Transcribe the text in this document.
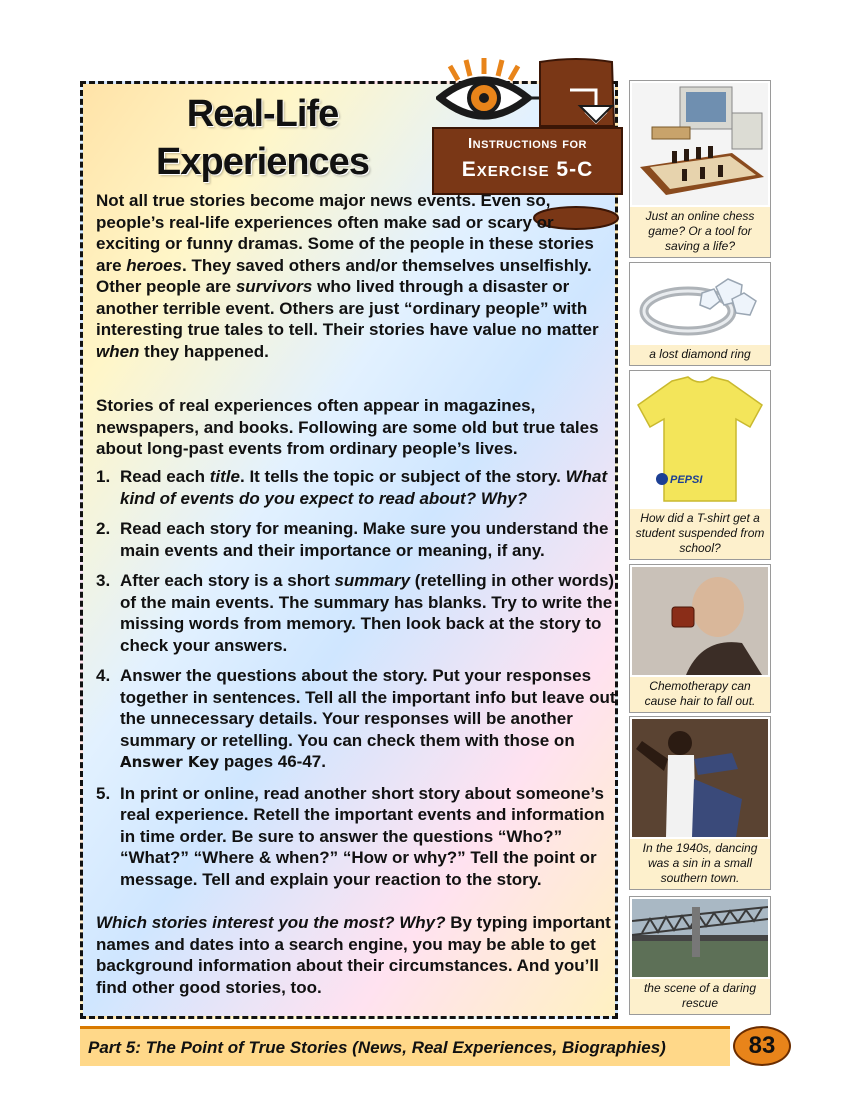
Real-Life
Experiences	Instructions for
Exercise 5-C
Not all true stories become major news events. Even so, people’s real-life experiences often make sad or scary or exciting or funny dramas. Some of the people in these stories are heroes. They saved others and/or themselves unselfishly. Other people are survivors who lived through a disaster or another terrible event. Others are just “ordinary people” with interesting true tales to tell. Their stories have value no matter when they happened.
Stories of real experiences often appear in magazines, newspapers, and books. Following are some old but true tales about long-past events from ordinary people’s lives.
1. Read each title. It tells the topic or subject of the story. What kind of events do you expect to read about? Why?
2. Read each story for meaning. Make sure you understand the main events and their importance or meaning, if any.
3. After each story is a short summary (retelling in other words) of the main events. The summary has blanks. Try to write the missing words from memory. Then look back at the story to check your answers.
4. Answer the questions about the story. Put your responses together in sentences. Tell all the important info but leave out the unnecessary details. Your responses will be another summary or retelling. You can check them with those on Answer Key pages 46-47.
5. In print or online, read another short story about someone’s real experience. Retell the important events and information in time order. Be sure to answer the questions “Who?” “What?” “Where & when?” “How or why?” Tell the point or message. Tell and explain your reaction to the story.
Which stories interest you the most? Why? By typing important names and dates into a search engine, you may be able to get background information about their circumstances. And you’ll find other good stories, too.
Just an online chess game? Or a tool for saving a life?
a lost diamond ring
PEPSI
How did a T-shirt get a student suspended from school?
Chemotherapy can cause hair to fall out.
In the 1940s, dancing was a sin in a small southern town.
the scene of a daring rescue
Part 5: The Point of True Stories (News, Real Experiences, Biographies)	83
